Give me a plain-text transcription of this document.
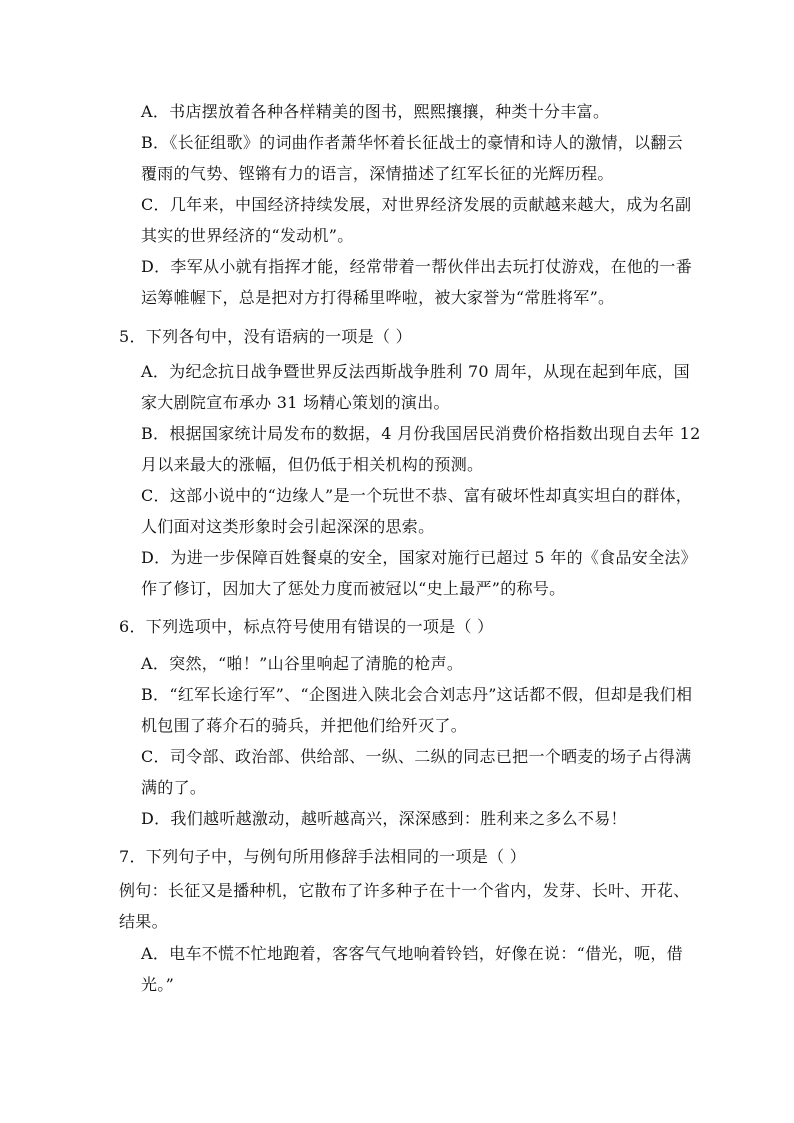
A．书店摆放着各种各样精美的图书，熙熙攘攘，种类十分丰富。
B．《长征组歌》的词曲作者萧华怀着长征战士的豪情和诗人的激情，以翻云
覆雨的气势、铿锵有力的语言，深情描述了红军长征的光辉历程。
C．几年来，中国经济持续发展，对世界经济发展的贡献越来越大，成为名副
其实的世界经济的“发动机”。
D．李军从小就有指挥才能，经常带着一帮伙伴出去玩打仗游戏，在他的一番
运筹帷幄下，总是把对方打得稀里哗啦，被大家誉为“常胜将军”。
5．下列各句中，没有语病的一项是（ ）
A．为纪念抗日战争暨世界反法西斯战争胜利 70 周年，从现在起到年底，国
家大剧院宣布承办 31 场精心策划的演出。
B．根据国家统计局发布的数据，4 月份我国居民消费价格指数出现自去年 12
月以来最大的涨幅，但仍低于相关机构的预测。
C．这部小说中的“边缘人”是一个玩世不恭、富有破坏性却真实坦白的群体，
人们面对这类形象时会引起深深的思索。
D．为进一步保障百姓餐桌的安全，国家对施行已超过 5 年的《食品安全法》
作了修订，因加大了惩处力度而被冠以“史上最严”的称号。
6．下列选项中，标点符号使用有错误的一项是（ ）
A．突然，“啪！”山谷里响起了清脆的枪声。
B．“红军长途行军”、“企图进入陕北会合刘志丹”这话都不假，但却是我们相
机包围了蒋介石的骑兵，并把他们给歼灭了。
C．司令部、政治部、供给部、一纵、二纵的同志已把一个晒麦的场子占得满
满的了。
D．我们越听越激动，越听越高兴，深深感到：胜利来之多么不易！
7．下列句子中，与例句所用修辞手法相同的一项是（ ）
例句：长征又是播种机，它散布了许多种子在十一个省内，发芽、长叶、开花、
结果。
A．电车不慌不忙地跑着，客客气气地响着铃铛，好像在说：“借光，呃，借
光。”
